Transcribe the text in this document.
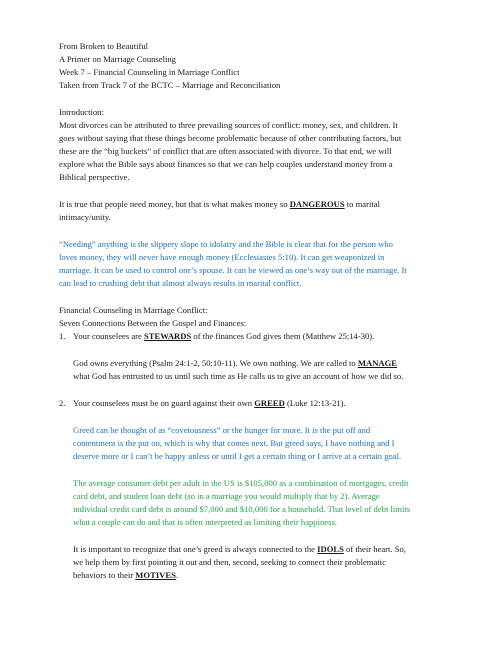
From Broken to Beautiful
A Primer on Marriage Counseling
Week 7 – Financial Counseling in Marriage Conflict
Taken from Track 7 of the BCTC – Marriage and Reconciliation
Introduction:
Most divorces can be attributed to three prevailing sources of conflict: money, sex, and children. It
goes without saying that these things become problematic because of other contributing factors, but
these are the “big buckets” of conflict that are often associated with divorce. To that end, we will
explore what the Bible says about finances so that we can help couples understand money from a
Biblical perspective.
It is true that people need money, but that is what makes money so DANGEROUS to marital
intimacy/unity.
“Needing” anything is the slippery slope to idolatry and the Bible is clear that for the person who
loves money, they will never have enough money (Ecclesiastes 5:10). It can get weaponized in
marriage. It can be used to control one’s spouse. It can be viewed as one’s way out of the marriage. It
can lead to crushing debt that almost always results in marital conflict.
Financial Counseling in Marriage Conflict:
Seven Connections Between the Gospel and Finances:
1. Your counselees are STEWARDS of the finances God gives them (Matthew 25:14-30).
God owns everything (Psalm 24:1-2, 50:10-11). We own nothing. We are called to MANAGE
what God has entrusted to us until such time as He calls us to give an account of how we did so.
2. Your counselees must be on guard against their own GREED (Luke 12:13-21).
Greed can be thought of as “covetousness” or the hunger for more. It is the put off and
contentment is the put on, which is why that comes next. But greed says, I have nothing and I
deserve more or I can’t be happy unless or until I get a certain thing or I arrive at a certain goal.
The average consumer debt per adult in the US is $105,000 as a combination of mortgages, credit
card debt, and student loan debt (so in a marriage you would multiply that by 2). Average
individual credit card debt is around $7,000 and $10,000 for a household. That level of debt limits
what a couple can do and that is often interpreted as limiting their happiness.
It is important to recognize that one’s greed is always connected to the IDOLS of their heart. So,
we help them by first pointing it out and then, second, seeking to connect their problematic
behaviors to their MOTIVES.
